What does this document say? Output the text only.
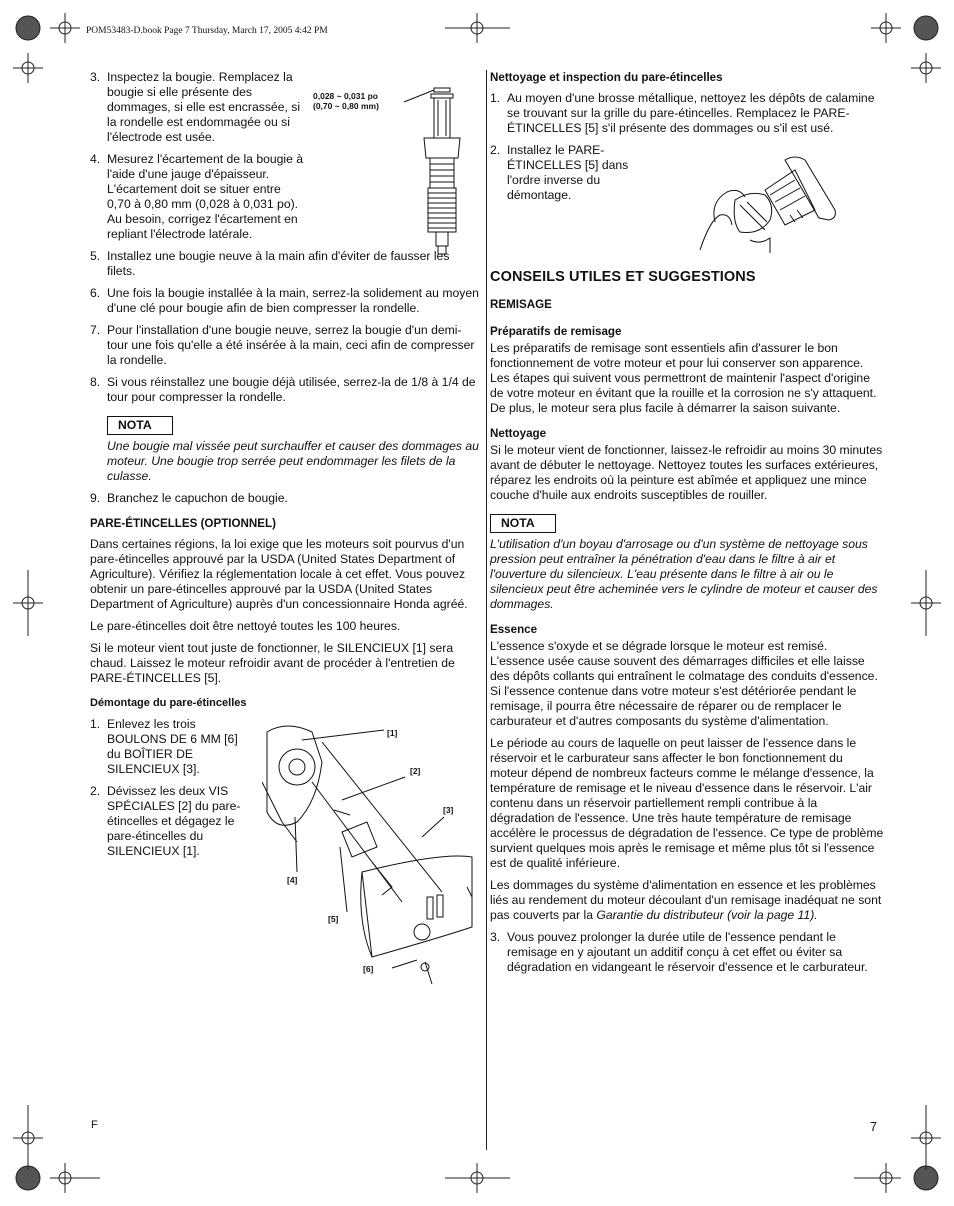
POM53483-D.book Page 7 Thursday, March 17, 2005 4:42 PM
3. Inspectez la bougie. Remplacez la bougie si elle présente des dommages, si elle est encrassée, si la rondelle est endommagée ou si l'électrode est usée.
4. Mesurez l'écartement de la bougie à l'aide d'une jauge d'épaisseur. L'écartement doit se situer entre 0,70 à 0,80 mm (0,028 à 0,031 po). Au besoin, corrigez l'écartement en repliant l'électrode latérale.
5. Installez une bougie neuve à la main afin d'éviter de fausser les filets.
6. Une fois la bougie installée à la main, serrez-la solidement au moyen d'une clé pour bougie afin de bien compresser la rondelle.
7. Pour l'installation d'une bougie neuve, serrez la bougie d'un demi-tour une fois qu'elle a été insérée à la main, ceci afin de compresser la rondelle.
8. Si vous réinstallez une bougie déjà utilisée, serrez-la de 1/8 à 1/4 de tour pour compresser la rondelle.
NOTA

Une bougie mal vissée peut surchauffer et causer des dommages au moteur. Une bougie trop serrée peut endommager les filets de la culasse.

9. Branchez le capuchon de bougie.
PARE-ÉTINCELLES (OPTIONNEL)

Dans certaines régions, la loi exige que les moteurs soit pourvus d'un pare-étincelles approuvé par la USDA (United States Department of Agriculture). Vérifiez la réglementation locale à cet effet. Vous pouvez obtenir un pare-étincelles approuvé par la USDA (United States Department of Agriculture) auprès d'un concessionnaire Honda agréé.

Le pare-étincelles doit être nettoyé toutes les 100 heures.

Si le moteur vient tout juste de fonctionner, le SILENCIEUX [1] sera chaud. Laissez le moteur refroidir avant de procéder à l'entretien de PARE-ÉTINCELLES [5].

Démontage du pare-étincelles
1. Enlevez les trois BOULONS DE 6 MM [6] du BOÎTIER DE SILENCIEUX [3].
2. Dévissez les deux VIS SPÉCIALES [2] du pare-étincelles et dégagez le pare-étincelles du SILENCIEUX [1].
0,028 ~ 0,031 po
(0,70 ~ 0,80 mm)
[1]
[2]
[3]
[4]
[5]
[6]
Nettoyage et inspection du pare-étincelles
1. Au moyen d'une brosse métallique, nettoyez les dépôts de calamine se trouvant sur la grille du pare-étincelles. Remplacez le PARE-ÉTINCELLES [5] s'il présente des dommages ou s'il est usé.
2. Installez le PARE-ÉTINCELLES [5] dans l'ordre inverse du démontage.
CONSEILS UTILES ET SUGGESTIONS
REMISAGE
Préparatifs de remisage

Les préparatifs de remisage sont essentiels afin d'assurer le bon fonctionnement de votre moteur et pour lui conserver son apparence. Les étapes qui suivent vous permettront de maintenir l'aspect d'origine de votre moteur en évitant que la rouille et la corrosion ne s'y attaquent. De plus, le moteur sera plus facile à démarrer la saison suivante.

Nettoyage

Si le moteur vient de fonctionner, laissez-le refroidir au moins 30 minutes avant de débuter le nettoyage. Nettoyez toutes les surfaces extérieures, réparez les endroits où la peinture est abîmée et appliquez une mince couche d'huile aux endroits susceptibles de rouiller.

NOTA

L'utilisation d'un boyau d'arrosage ou d'un système de nettoyage sous pression peut entraîner la pénétration d'eau dans le filtre à air et l'ouverture du silencieux. L'eau présente dans le filtre à air ou le silencieux peut être acheminée vers le cylindre de moteur et causer des dommages.

Essence

L'essence s'oxyde et se dégrade lorsque le moteur est remisé. L'essence usée cause souvent des démarrages difficiles et elle laisse des dépôts collants qui entraînent le colmatage des conduits d'essence. Si l'essence contenue dans votre moteur s'est détériorée pendant le remisage, il pourra être nécessaire de réparer ou de remplacer le carburateur et d'autres composants du système d'alimentation.

Le période au cours de laquelle on peut laisser de l'essence dans le réservoir et le carburateur sans affecter le bon fonctionnement du moteur dépend de nombreux facteurs comme le mélange d'essence, la température de remisage et le niveau d'essence dans le réservoir. L'air contenu dans un réservoir partiellement rempli contribue à la dégradation de l'essence. Une très haute température de remisage accélère le processus de dégradation de l'essence. Ce type de problème survient quelques mois après le remisage et même plus tôt si l'essence est de qualité inférieure.

Les dommages du système d'alimentation en essence et les problèmes liés au rendement du moteur découlant d'un remisage inadéquat ne sont pas couverts par la Garantie du distributeur (voir la page 11).

3. Vous pouvez prolonger la durée utile de l'essence pendant le remisage en y ajoutant un additif conçu à cet effet ou éviter sa dégradation en vidangeant le réservoir d'essence et le carburateur.
F	7
